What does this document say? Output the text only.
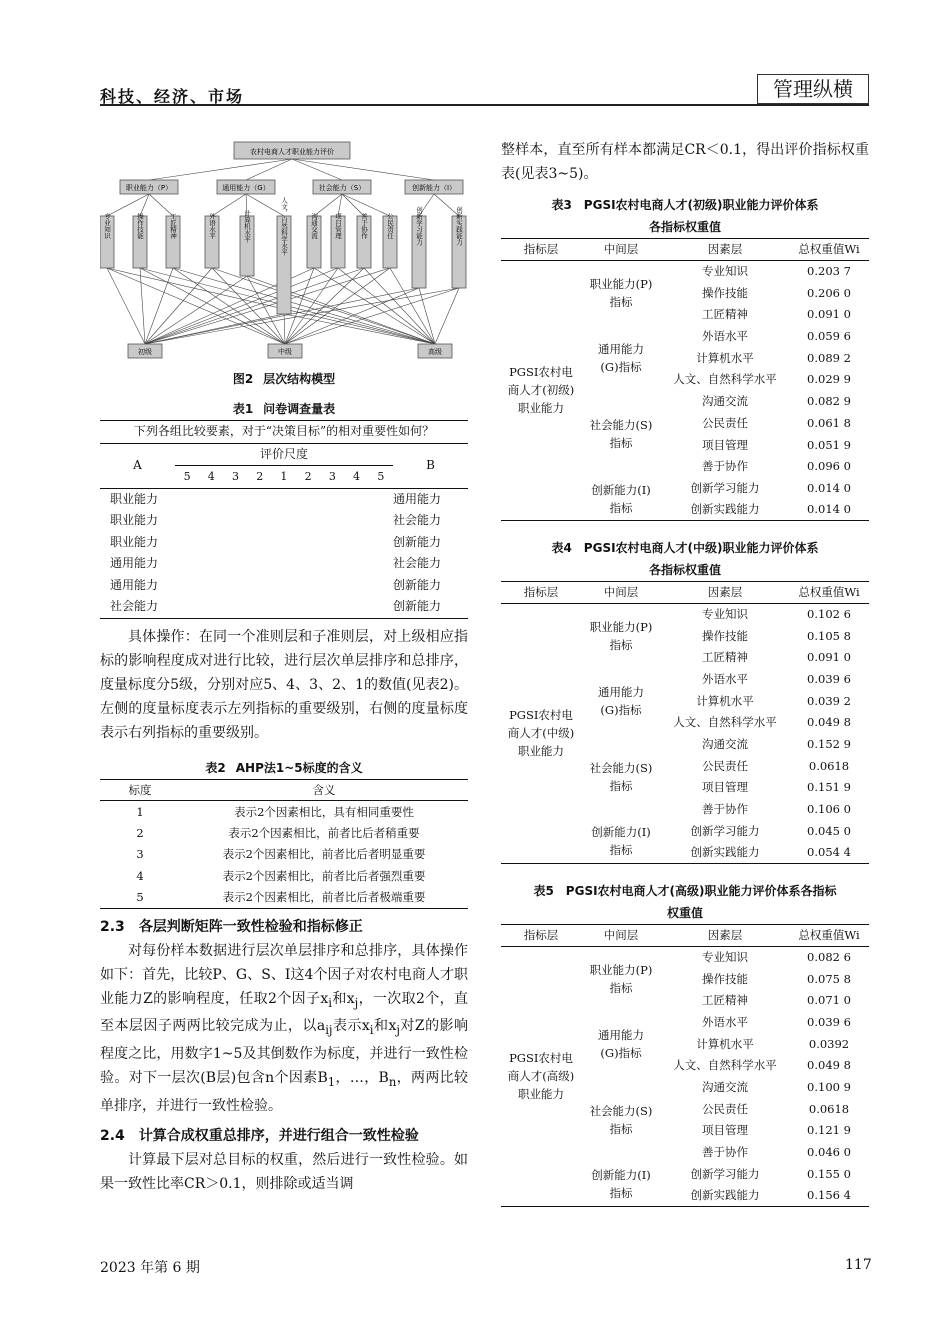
科技、经济、市场	管理纵横
农村电商人才职业能力评价
职业能力（P）	通用能力（G）	社会能力（S）	创新能力（I）
专业知识	操作技能	工匠精神	外语水平	计算机水平	人文、自然科学水平	沟通交流 项目管理	善于协作	公民责任	创新学习能力	创新实践能力
初级	中级	高级
图2 层次结构模型
表1 问卷调查量表
下列各组比较要素，对于“决策目标”的相对重要性如何？										
A	评价尺度									B
	5	4	3	2	1	2	3	4	5	
职业能力										通用能力
职业能力										社会能力
职业能力										创新能力
通用能力										社会能力
通用能力										创新能力
社会能力										创新能力

具体操作：在同一个准则层和子准则层，对上级相应指标的影响程度成对进行比较，进行层次单层排序和总排序，度量标度分5级，分别对应5、4、3、2、1的数值(见表2)。左侧的度量标度表示左列指标的重要级别，右侧的度量标度表示右列指标的重要级别。

表2 AHP法1~5标度的含义
标度	含义
1	表示2个因素相比，具有相同重要性
2	表示2个因素相比，前者比后者稍重要
3	表示2个因素相比，前者比后者明显重要
4	表示2个因素相比，前者比后者强烈重要
5	表示2个因素相比，前者比后者极端重要
2.3 各层判断矩阵一致性检验和指标修正

对每份样本数据进行层次单层排序和总排序，具体操作如下：首先，比较P、G、S、I这4个因子对农村电商人才职业能力Z的影响程度，任取2个因子$x_i$和$x_j$，一次取2个，直至本层因子两两比较完成为止，以$a_{ij}$表示$x_i$和$x_j$对Z的影响程度之比，用数字1~5及其倒数作为标度，并进行一致性检验。对下一层次(B层)包含n个因素$B_1$，…，$B_n$，两两比较单排序，并进行一致性检验。

2.4 计算合成权重总排序，并进行组合一致性检验

计算最下层对总目标的权重，然后进行一致性检验。如果一致性比率CR＞0.1，则排除或适当调

整样本，直至所有样本都满足CR＜0.1，得出评价指标权重表(见表3~5)。

表3　PGSI农村电商人才(初级)职业能力评价体系
各指标权重值
指标层	中间层	因素层	总权重值Wi
PGSI农村电商人才(初级)职业能力	职业能力(P)指标	专业知识	0.203 7
		操作技能	0.206 0
		工匠精神	0.091 0
	通用能力(G)指标	外语水平	0.059 6
		计算机水平	0.089 2
		人文、自然科学水平	0.029 9
	社会能力(S)指标	沟通交流	0.082 9
		公民责任	0.061 8
		项目管理	0.051 9
		善于协作	0.096 0
	创新能力(I)指标	创新学习能力	0.014 0
		创新实践能力	0.014 0
表4　PGSI农村电商人才(中级)职业能力评价体系
各指标权重值
指标层	中间层	因素层	总权重值Wi
PGSI农村电商人才(中级)职业能力	职业能力(P)指标	专业知识	0.102 6
		操作技能	0.105 8
		工匠精神	0.091 0
	通用能力(G)指标	外语水平	0.039 6
		计算机水平	0.039 2
		人文、自然科学水平	0.049 8
	社会能力(S)指标	沟通交流	0.152 9
		公民责任	0.0618
		项目管理	0.151 9
		善于协作	0.106 0
	创新能力(I)指标	创新学习能力	0.045 0
		创新实践能力	0.054 4
表5　PGSI农村电商人才(高级)职业能力评价体系各指标
权重值
指标层	中间层	因素层	总权重值Wi
PGSI农村电商人才(高级)职业能力	职业能力(P)指标	专业知识	0.082 6
		操作技能	0.075 8
		工匠精神	0.071 0
	通用能力(G)指标	外语水平	0.039 6
		计算机水平	0.0392
		人文、自然科学水平	0.049 8
	社会能力(S)指标	沟通交流	0.100 9
		公民责任	0.0618
		项目管理	0.121 9
		善于协作	0.046 0
	创新能力(I)指标	创新学习能力	0.155 0
		创新实践能力	0.156 4
2023 年第 6 期	117
